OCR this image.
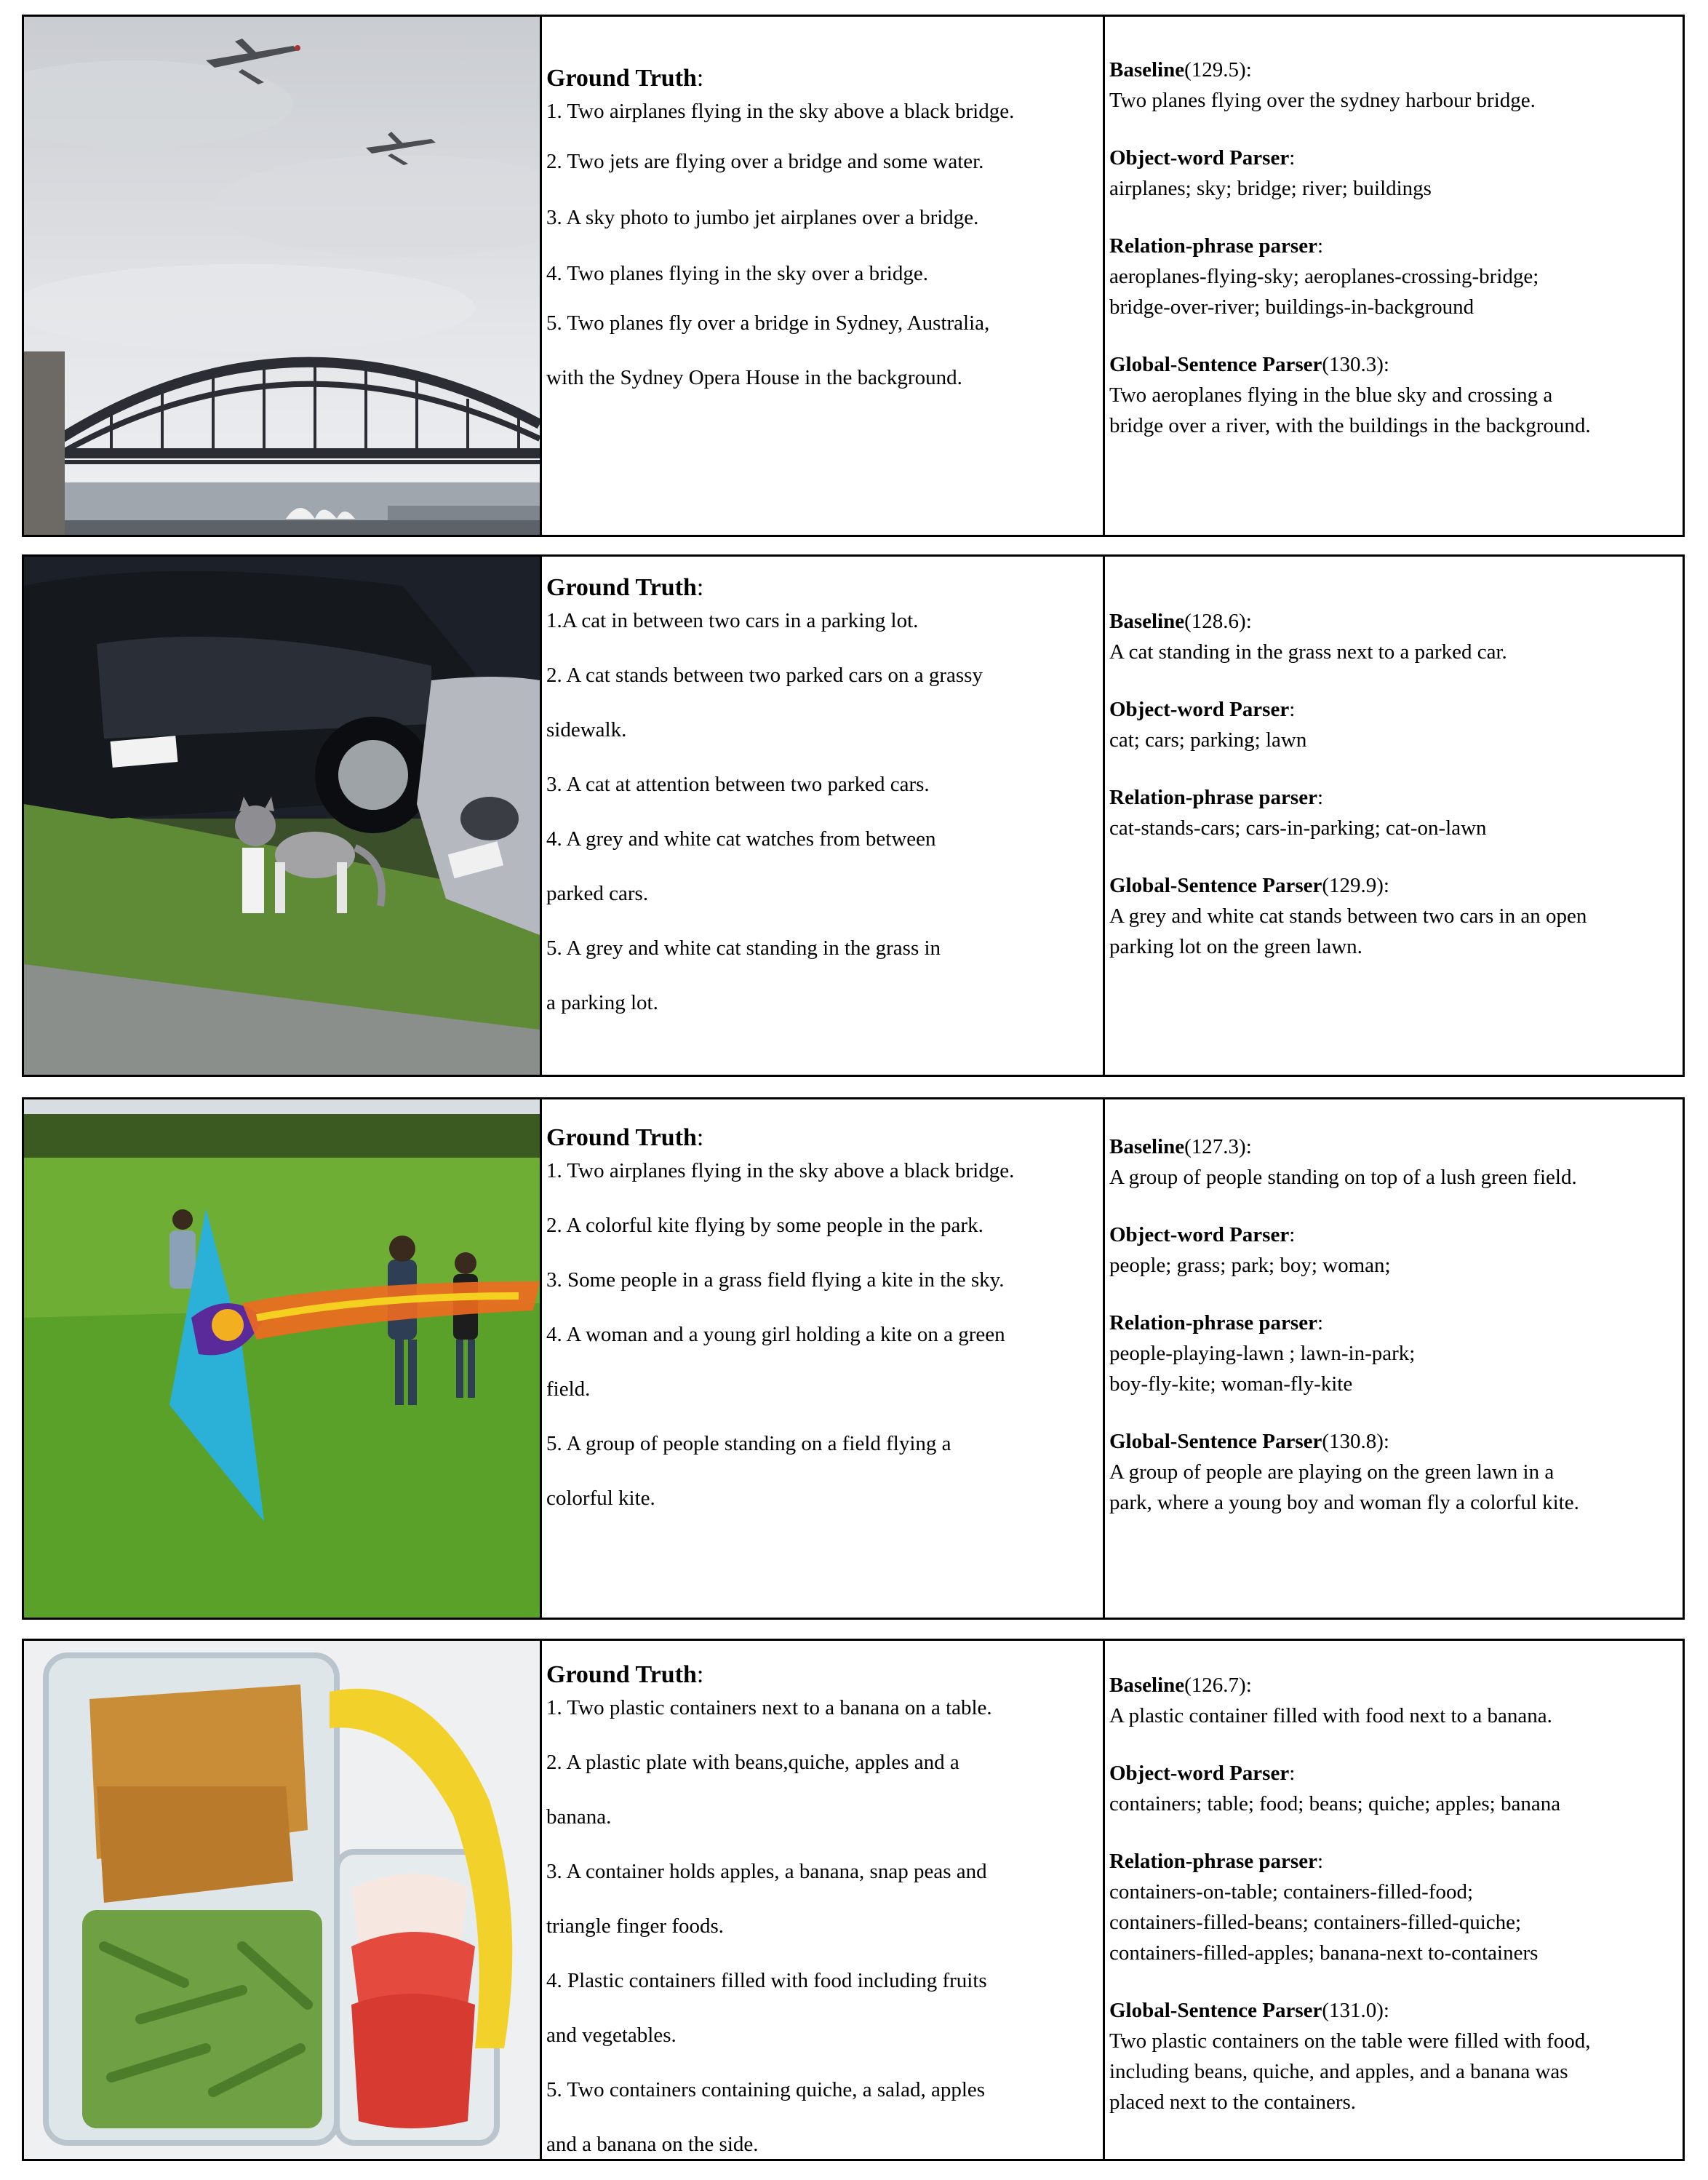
Ground Truth:

1. Two airplanes flying in the sky above a black bridge.

2. Two jets are flying over a bridge and some water.

3. A sky photo to jumbo jet airplanes over a bridge.

4. Two planes flying in the sky over a bridge.

5. Two planes fly over a bridge in Sydney, Australia,

with the Sydney Opera House in the background.

Baseline(129.5):
Two planes flying over the sydney harbour bridge.
Object-word Parser:
airplanes; sky; bridge; river; buildings
Relation-phrase parser:
aeroplanes-flying-sky; aeroplanes-crossing-bridge;
bridge-over-river; buildings-in-background
Global-Sentence Parser(130.3):
Two aeroplanes flying in the blue sky and crossing a
bridge over a river, with the buildings in the background.
Ground Truth:

1.A cat in between two cars in a parking lot.

2. A cat stands between two parked cars on a grassy

sidewalk.

3. A cat at attention between two parked cars.

4. A grey and white cat watches from between

parked cars.

5. A grey and white cat standing in the grass in

a parking lot.

Baseline(128.6):
A cat standing in the grass next to a parked car.
Object-word Parser:
cat; cars; parking; lawn
Relation-phrase parser:
cat-stands-cars; cars-in-parking; cat-on-lawn
Global-Sentence Parser(129.9):
A grey and white cat stands between two cars in an open
parking lot on the green lawn.
Ground Truth:

1. Two airplanes flying in the sky above a black bridge.

2. A colorful kite flying by some people in the park.

3. Some people in a grass field flying a kite in the sky.

4. A woman and a young girl holding a kite on a green

field.

5. A group of people standing on a field flying a

colorful kite.

Baseline(127.3):
A group of people standing on top of a lush green field.
Object-word Parser:
people; grass; park; boy; woman;
Relation-phrase parser:
people-playing-lawn ; lawn-in-park;
boy-fly-kite; woman-fly-kite
Global-Sentence Parser(130.8):
A group of people are playing on the green lawn in a
park, where a young boy and woman fly a colorful kite.
Ground Truth:

1. Two plastic containers next to a banana on a table.

2. A plastic plate with beans,quiche, apples and a

banana.

3. A container holds apples, a banana, snap peas and

triangle finger foods.

4. Plastic containers filled with food including fruits

and vegetables.

5. Two containers containing quiche, a salad, apples

and a banana on the side.

Baseline(126.7):
A plastic container filled with food next to a banana.
Object-word Parser:
containers; table; food; beans; quiche; apples; banana
Relation-phrase parser:
containers-on-table; containers-filled-food;
containers-filled-beans; containers-filled-quiche;
containers-filled-apples; banana-next to-containers
Global-Sentence Parser(131.0):
Two plastic containers on the table were filled with food,
including beans, quiche, and apples, and a banana was
placed next to the containers.
